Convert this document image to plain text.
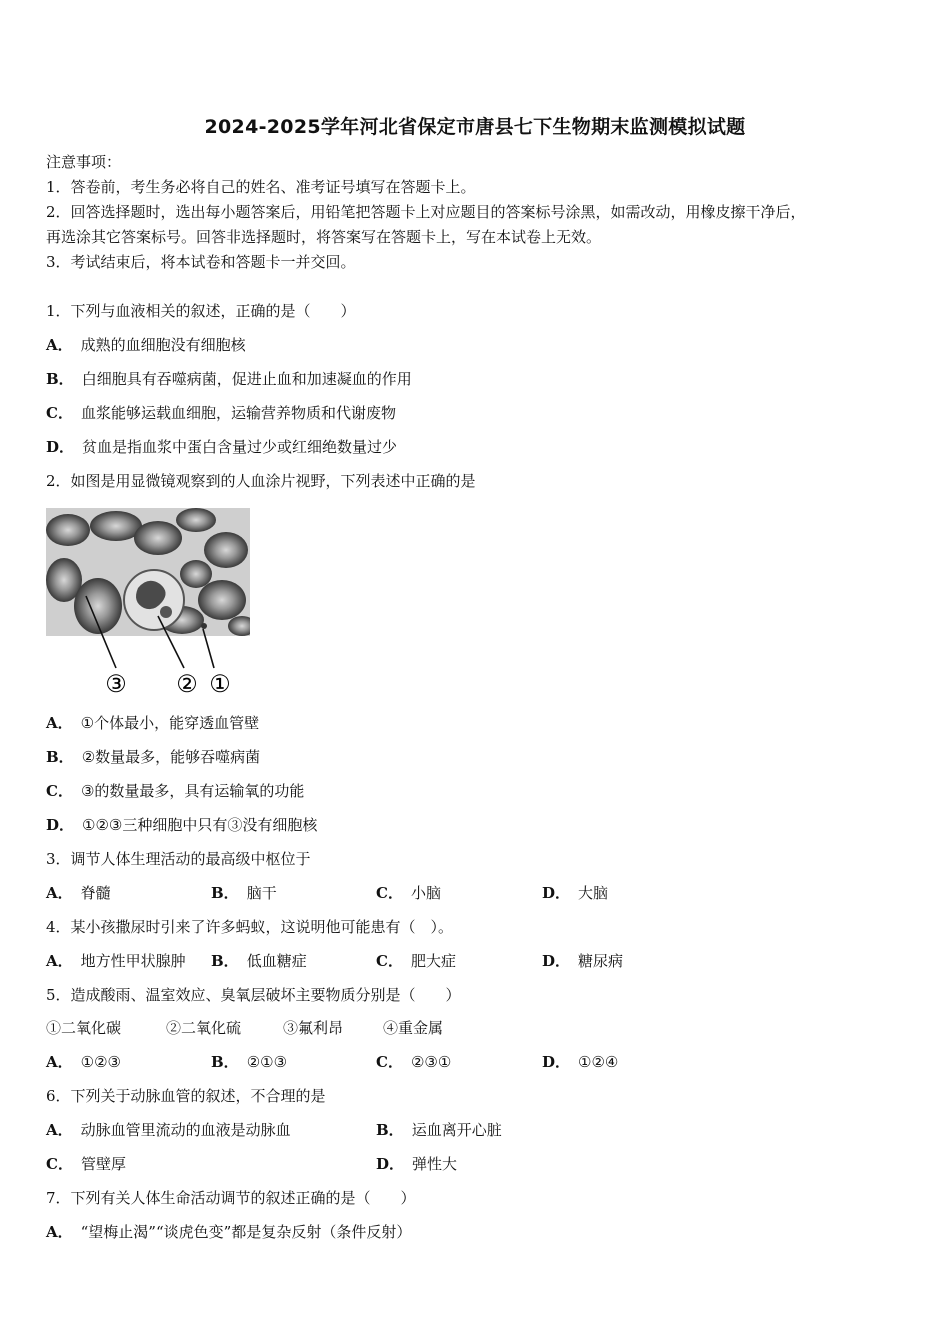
2024-2025学年河北省保定市唐县七下生物期末监测模拟试题
注意事项：
1．答卷前，考生务必将自己的姓名、准考证号填写在答题卡上。
2．回答选择题时，选出每小题答案后，用铅笔把答题卡上对应题目的答案标号涂黑，如需改动，用橡皮擦干净后，
再选涂其它答案标号。回答非选择题时，将答案写在答题卡上，写在本试卷上无效。
3．考试结束后，将本试卷和答题卡一并交回。
1．下列与血液相关的叙述，正确的是（　　）
A． 成熟的血细胞没有细胞核
B． 白细胞具有吞噬病菌，促进止血和加速凝血的作用
C． 血浆能够运载血细胞，运输营养物质和代谢废物
D． 贫血是指血浆中蛋白含量过少或红细绝数量过少
2．如图是用显微镜观察到的人血涂片视野，下列表述中正确的是
③ ② ①
A． ①个体最小，能穿透血管壁
B． ②数量最多，能够吞噬病菌
C． ③的数量最多，具有运输氧的功能
D． ①②③三种细胞中只有③没有细胞核
3．调节人体生理活动的最高级中枢位于
A． 脊髓	B． 脑干	C． 小脑	D． 大脑
4．某小孩撒尿时引来了许多蚂蚁，这说明他可能患有（　）。
A． 地方性甲状腺肿 B． 低血糖症	C． 肥大症	D． 糖尿病
5．造成酸雨、温室效应、臭氧层破坏主要物质分别是（　　）
①二氧化碳	②二氧化硫	③氟利昂	④重金属
A． ①②③	B． ②①③	C． ②③①	D． ①②④
6．下列关于动脉血管的叙述，不合理的是
A． 动脉血管里流动的血液是动脉血	B． 运血离开心脏
C． 管壁厚	D． 弹性大
7．下列有关人体生命活动调节的叙述正确的是（　　）
A． “望梅止渴”“谈虎色变”都是复杂反射（条件反射）
